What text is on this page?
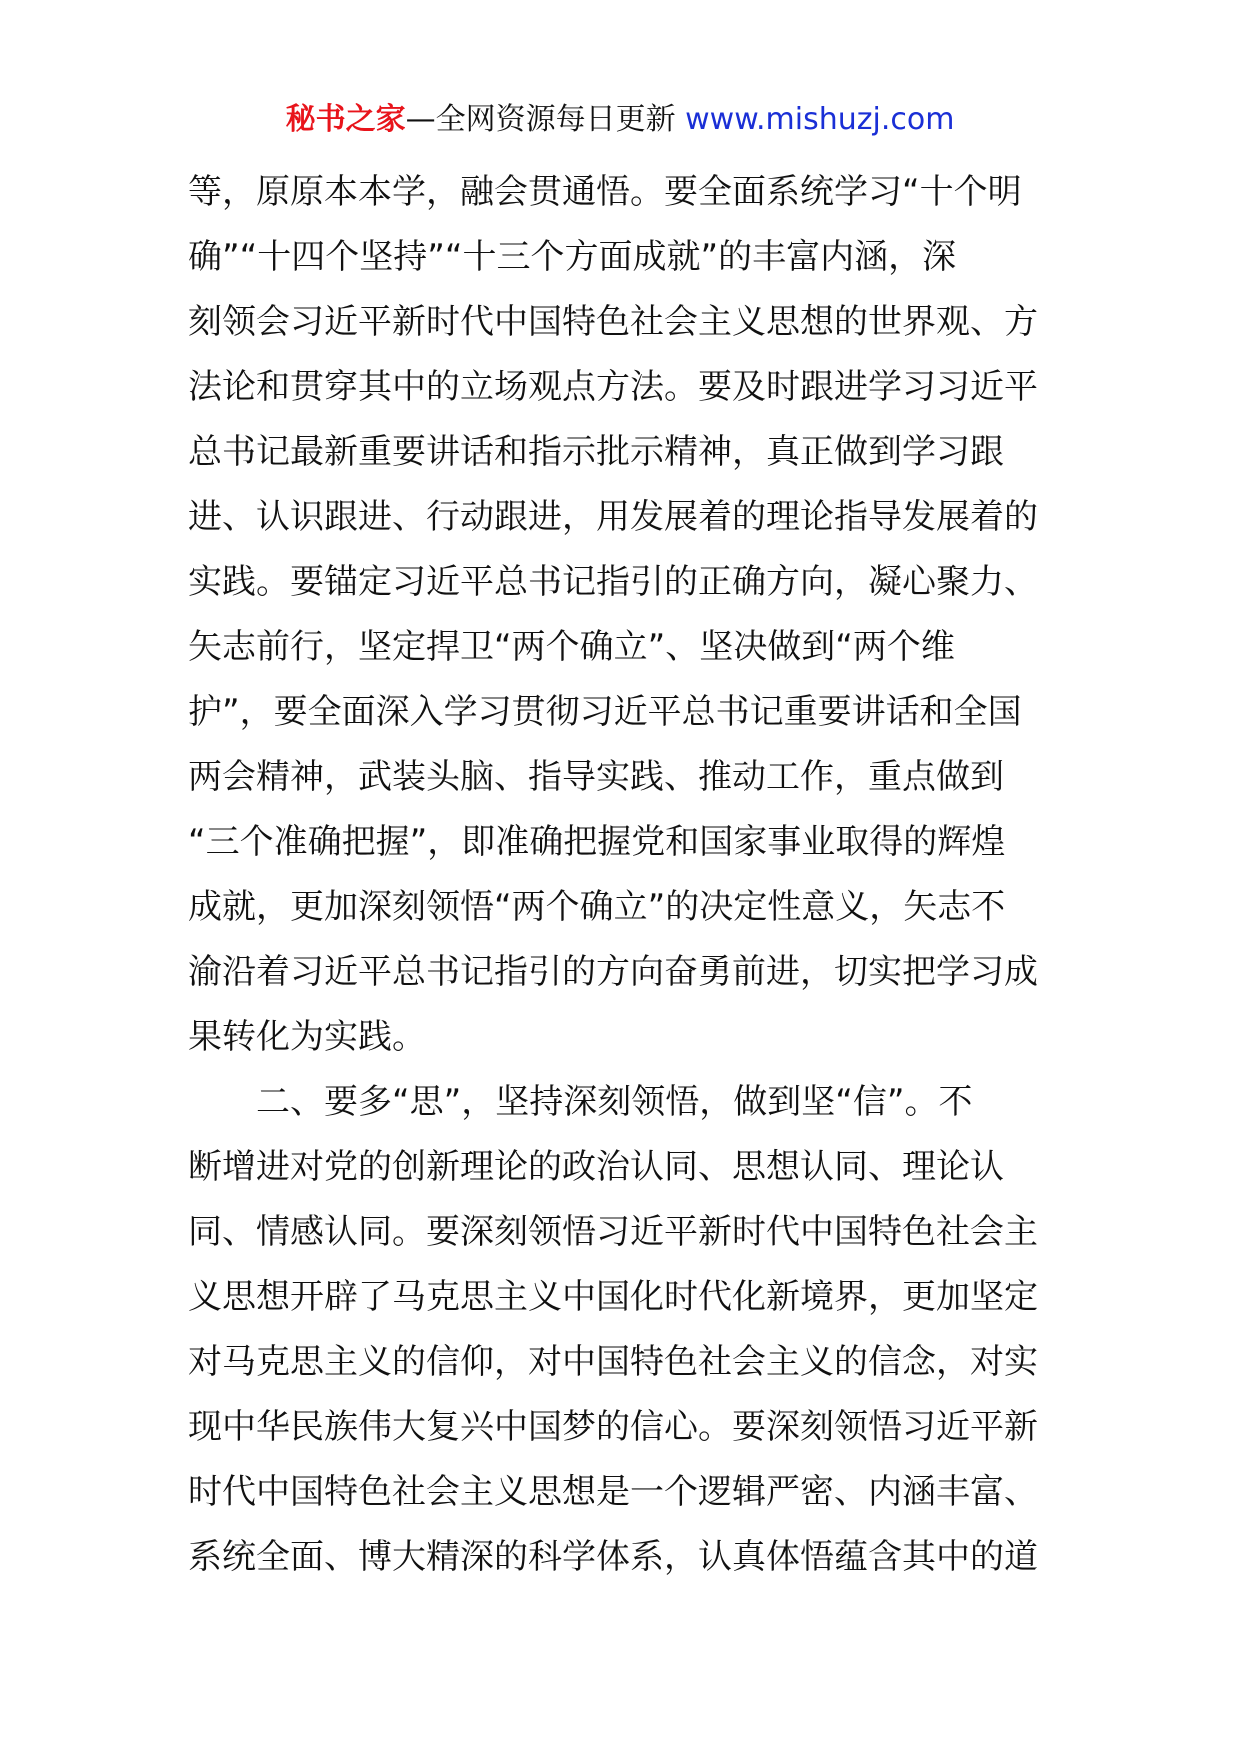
秘书之家—全网资源每日更新 www.mishuzj.com
等，原原本本学，融会贯通悟。要全面系统学习“十个明
确”“十四个坚持”“十三个方面成就”的丰富内涵，深
刻领会习近平新时代中国特色社会主义思想的世界观、方
法论和贯穿其中的立场观点方法。要及时跟进学习习近平
总书记最新重要讲话和指示批示精神，真正做到学习跟
进、认识跟进、行动跟进，用发展着的理论指导发展着的
实践。要锚定习近平总书记指引的正确方向，凝心聚力、
矢志前行，坚定捍卫“两个确立”、坚决做到“两个维
护”，要全面深入学习贯彻习近平总书记重要讲话和全国
两会精神，武装头脑、指导实践、推动工作，重点做到
“三个准确把握”，即准确把握党和国家事业取得的辉煌
成就，更加深刻领悟“两个确立”的决定性意义，矢志不
渝沿着习近平总书记指引的方向奋勇前进，切实把学习成
果转化为实践。
　　二、要多“思”，坚持深刻领悟，做到坚“信”。不
断增进对党的创新理论的政治认同、思想认同、理论认
同、情感认同。要深刻领悟习近平新时代中国特色社会主
义思想开辟了马克思主义中国化时代化新境界，更加坚定
对马克思主义的信仰，对中国特色社会主义的信念，对实
现中华民族伟大复兴中国梦的信心。要深刻领悟习近平新
时代中国特色社会主义思想是一个逻辑严密、内涵丰富、
系统全面、博大精深的科学体系，认真体悟蕴含其中的道
